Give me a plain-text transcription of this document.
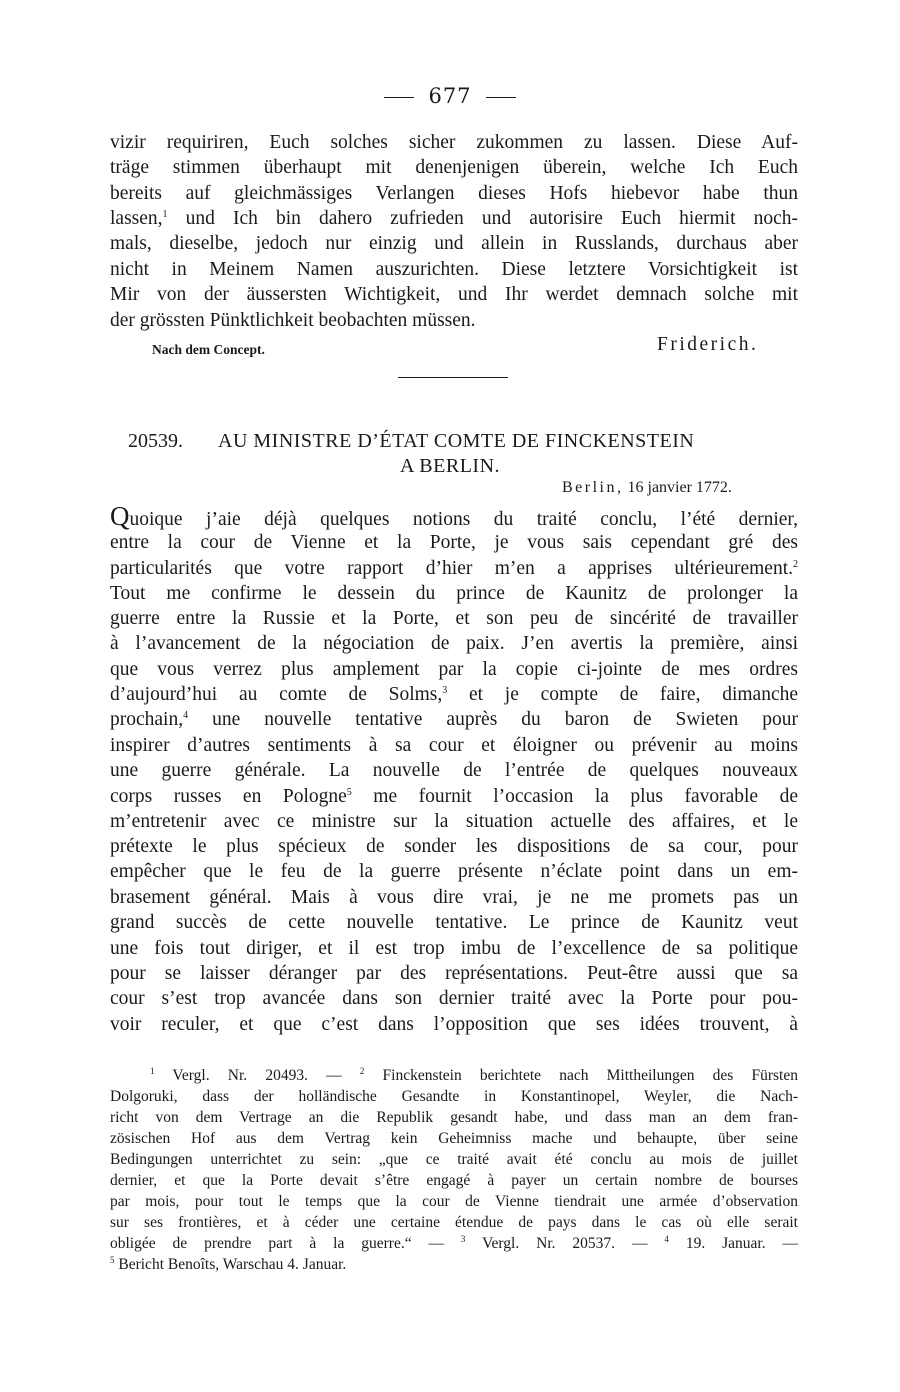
677
vizir requiriren, Euch solches sicher zukommen zu lassen. Diese Auf-
träge stimmen überhaupt mit denenjenigen überein, welche Ich Euch
bereits auf gleichmässiges Verlangen dieses Hofs hiebevor habe thun
lassen,$^1$ und Ich bin dahero zufrieden und autorisire Euch hiermit noch-
mals, dieselbe, jedoch nur einzig und allein in Russlands, durchaus aber
nicht in Meinem Namen auszurichten. Diese letztere Vorsichtigkeit ist
Mir von der äussersten Wichtigkeit, und Ihr werdet demnach solche mit
der grössten Pünktlichkeit beobachten müssen.
Nach dem Concept.	Friderich.
20539. AU MINISTRE D’ÉTAT COMTE DE FINCKENSTEIN
A BERLIN.
Berlin, 16 janvier 1772.
Quoique j’aie déjà quelques notions du traité conclu, l’été dernier,
entre la cour de Vienne et la Porte, je vous sais cependant gré des
particularités que votre rapport d’hier m’en a apprises ultérieurement.$^2$
Tout me confirme le dessein du prince de Kaunitz de prolonger la
guerre entre la Russie et la Porte, et son peu de sincérité de travailler
à l’avancement de la négociation de paix. J’en avertis la première, ainsi
que vous verrez plus amplement par la copie ci-jointe de mes ordres
d’aujourd’hui au comte de Solms,$^3$ et je compte de faire, dimanche
prochain,$^4$ une nouvelle tentative auprès du baron de Swieten pour
inspirer d’autres sentiments à sa cour et éloigner ou prévenir au moins
une guerre générale. La nouvelle de l’entrée de quelques nouveaux
corps russes en Pologne$^5$ me fournit l’occasion la plus favorable de
m’entretenir avec ce ministre sur la situation actuelle des affaires, et le
prétexte le plus spécieux de sonder les dispositions de sa cour, pour
empêcher que le feu de la guerre présente n’éclate point dans un em-
brasement général. Mais à vous dire vrai, je ne me promets pas un
grand succès de cette nouvelle tentative. Le prince de Kaunitz veut
une fois tout diriger, et il est trop imbu de l’excellence de sa politique
pour se laisser déranger par des représentations. Peut-être aussi que sa
cour s’est trop avancée dans son dernier traité avec la Porte pour pou-
voir reculer, et que c’est dans l’opposition que ses idées trouvent, à
$^1$ Vergl. Nr. 20493. — $^2$ Finckenstein berichtete nach Mittheilungen des Fürsten
Dolgoruki, dass der holländische Gesandte in Konstantinopel, Weyler, die Nach-
richt von dem Vertrage an die Republik gesandt habe, und dass man an dem fran-
zösischen Hof aus dem Vertrag kein Geheimniss mache und behaupte, über seine
Bedingungen unterrichtet zu sein: „que ce traité avait été conclu au mois de juillet
dernier, et que la Porte devait s’être engagé à payer un certain nombre de bourses
par mois, pour tout le temps que la cour de Vienne tiendrait une armée d’observation
sur ses frontières, et à céder une certaine étendue de pays dans le cas où elle serait
obligée de prendre part à la guerre.“ — $^3$ Vergl. Nr. 20537. — $^4$ 19. Januar. —
$^5$ Bericht Benoîts, Warschau 4. Januar.
